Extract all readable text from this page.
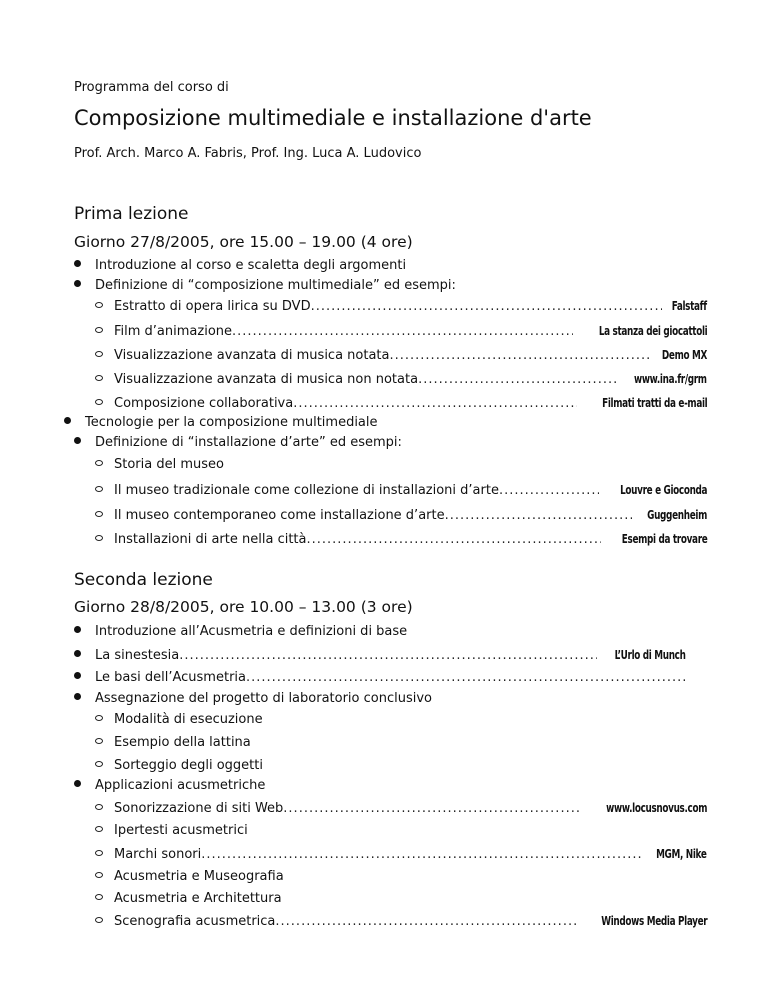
Programma del corso di
Composizione multimediale e installazione d'arte
Prof. Arch. Marco A. Fabris, Prof. Ing. Luca A. Ludovico
Prima lezione
Giorno 27/8/2005, ore 15.00 – 19.00 (4 ore)
Introduzione al corso e scaletta degli argomenti
Definizione di “composizione multimediale” ed esempi:
Estratto di opera lirica su DVD .....	Falstaff
Film d’animazione .....	La stanza dei giocattoli
Visualizzazione avanzata di musica notata .....	Demo MX
Visualizzazione avanzata di musica non notata .....	www.ina.fr/grm
Composizione collaborativa .....	Filmati tratti da e-mail
Tecnologie per la composizione multimediale
Definizione di “installazione d’arte” ed esempi:
Storia del museo
Il museo tradizionale come collezione di installazioni d’arte .....	Louvre e Gioconda
Il museo contemporaneo come installazione d’arte .....	Guggenheim
Installazioni di arte nella città .....	Esempi da trovare
Seconda lezione
Giorno 28/8/2005, ore 10.00 – 13.00 (3 ore)
Introduzione all’Acusmetria e definizioni di base
La sinestesia .....	L’Urlo di Munch
Le basi dell’Acusmetria
.....
Assegnazione del progetto di laboratorio conclusivo
Modalità di esecuzione
Esempio della lattina
Sorteggio degli oggetti
Applicazioni acusmetriche
Sonorizzazione di siti Web .....	www.locusnovus.com
Ipertesti acusmetrici
Marchi sonori .....	MGM, Nike
Acusmetria e Museografia
Acusmetria e Architettura
Scenografia acusmetrica .....	Windows Media Player
